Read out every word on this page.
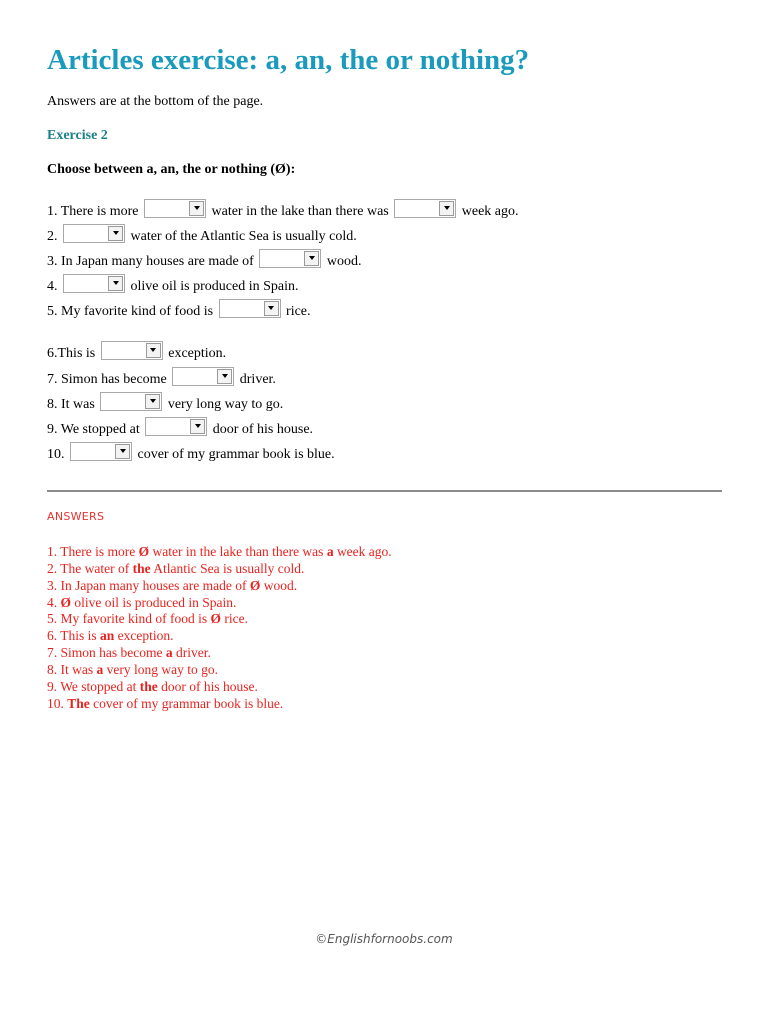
Articles exercise: a, an, the or nothing?
Answers are at the bottom of the page.
Exercise 2
Choose between a, an, the or nothing (Ø):
1. There is more	water in the lake than there was	week ago.
2.	water of the Atlantic Sea is usually cold.
3. In Japan many houses are made of	wood.
4.	olive oil is produced in Spain.
5. My favorite kind of food is	rice.
6.This is	exception.
7. Simon has become	driver.
8. It was	very long way to go.
9. We stopped at	door of his house.
10.	cover of my grammar book is blue.
ANSWERS
1. There is more Ø water in the lake than there was a week ago.
2. The water of the Atlantic Sea is usually cold.
3. In Japan many houses are made of Ø wood.
4. Ø olive oil is produced in Spain.
5. My favorite kind of food is Ø rice.
6. This is an exception.
7. Simon has become a driver.
8. It was a very long way to go.
9. We stopped at the door of his house.
10. The cover of my grammar book is blue.
©Englishfornoobs.com
